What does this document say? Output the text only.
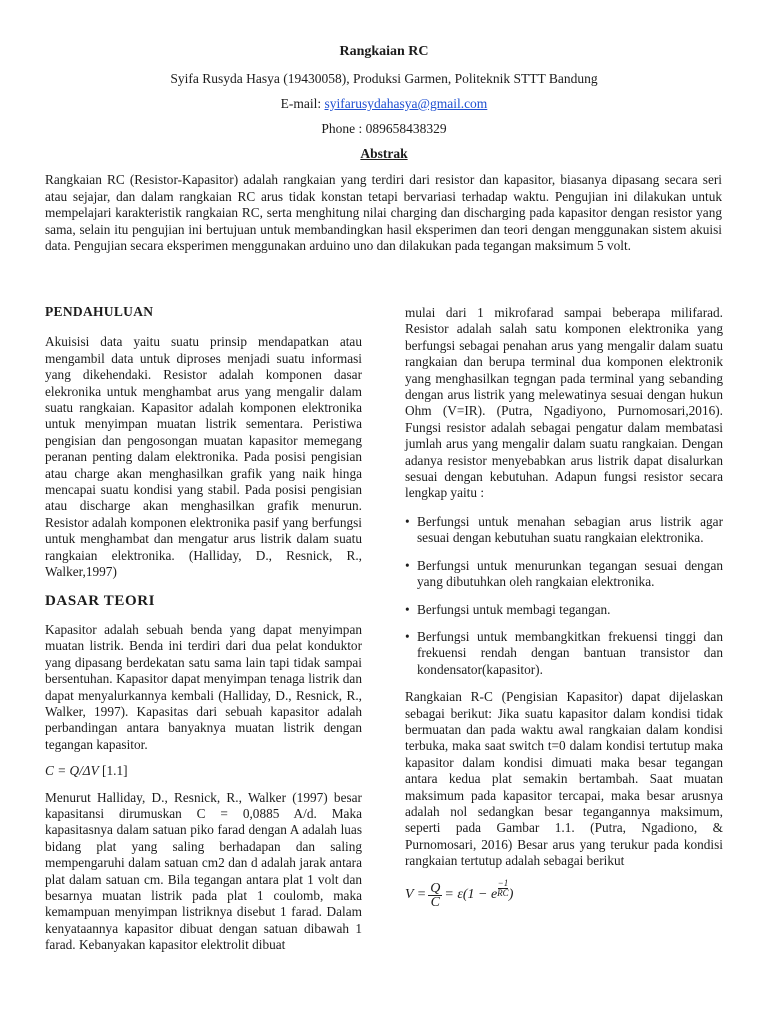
Rangkaian RC
Syifa Rusyda Hasya (19430058), Produksi Garmen, Politeknik STTT Bandung
E-mail: syifarusydahasya@gmail.com
Phone : 089658438329
Abstrak

Rangkaian RC (Resistor-Kapasitor) adalah rangkaian yang terdiri dari resistor dan kapasitor, biasanya dipasang secara seri atau sejajar, dan dalam rangkaian RC arus tidak konstan tetapi bervariasi terhadap waktu. Pengujian ini dilakukan untuk mempelajari karakteristik rangkaian RC, serta menghitung nilai charging dan discharging pada kapasitor dengan resistor yang sama, selain itu pengujian ini bertujuan untuk membandingkan hasil eksperimen dan teori dengan menggunakan sistem akuisi data. Pengujian secara eksperimen menggunakan arduino uno dan dilakukan pada tegangan maksimum 5 volt.

PENDAHULUAN

Akuisisi data yaitu suatu prinsip mendapatkan atau mengambil data untuk diproses menjadi suatu informasi yang dikehendaki. Resistor adalah komponen dasar elekronika untuk menghambat arus yang mengalir dalam suatu rangkaian. Kapasitor adalah komponen elektronika untuk menyimpan muatan listrik sementara. Peristiwa pengisian dan pengosongan muatan kapasitor memegang peranan penting dalam elektronika. Pada posisi pengisian atau charge akan menghasilkan grafik yang naik hinga mencapai suatu kondisi yang stabil. Pada posisi pengisian atau discharge akan menghasilkan grafik menurun. Resistor adalah komponen elektronika pasif yang berfungsi untuk menghambat dan mengatur arus listrik dalam suatu rangkaian elektronika. (Halliday, D., Resnick, R., Walker,1997)

DASAR TEORI

Kapasitor adalah sebuah benda yang dapat menyimpan muatan listrik. Benda ini terdiri dari dua pelat konduktor yang dipasang berdekatan satu sama lain tapi tidak sampai bersentuhan. Kapasitor dapat menyimpan tenaga listrik dan dapat menyalurkannya kembali (Halliday, D., Resnick, R., Walker, 1997). Kapasitas dari sebuah kapasitor adalah perbandingan antara banyaknya muatan listrik dengan tegangan kapasitor.

C = Q/ΔV [1.1]

Menurut Halliday, D., Resnick, R., Walker (1997) besar kapasitansi dirumuskan C = 0,0885 A/d. Maka kapasitasnya dalam satuan piko farad dengan A adalah luas bidang plat yang saling berhadapan dan saling mempengaruhi dalam satuan cm2 dan d adalah jarak antara plat dalam satuan cm. Bila tegangan antara plat 1 volt dan besarnya muatan listrik pada plat 1 coulomb, maka kemampuan menyimpan listriknya disebut 1 farad. Dalam kenyataannya kapasitor dibuat dengan satuan dibawah 1 farad. Kebanyakan kapasitor elektrolit dibuat

mulai dari 1 mikrofarad sampai beberapa milifarad. Resistor adalah salah satu komponen elektronika yang berfungsi sebagai penahan arus yang mengalir dalam suatu rangkaian dan berupa terminal dua komponen elektronik yang menghasilkan tegngan pada terminal yang sebanding dengan arus listrik yang melewatinya sesuai dengan hukun Ohm (V=IR). (Putra, Ngadiyono, Purnomosari,2016). Fungsi resistor adalah sebagai pengatur dalam membatasi jumlah arus yang mengalir dalam suatu rangkaian. Dengan adanya resistor menyebabkan arus listrik dapat disalurkan sesuai dengan kebutuhan. Adapun fungsi resistor secara lengkap yaitu :

• Berfungsi untuk menahan sebagian arus listrik agar sesuai dengan kebutuhan suatu rangkaian elektronika.
• Berfungsi untuk menurunkan tegangan sesuai dengan yang dibutuhkan oleh rangkaian elektronika.
• Berfungsi untuk membagi tegangan.
• Berfungsi untuk membangkitkan frekuensi tinggi dan frekuensi rendah dengan bantuan transistor dan kondensator(kapasitor).

Rangkaian R-C (Pengisian Kapasitor) dapat dijelaskan sebagai berikut: Jika suatu kapasitor dalam kondisi tidak bermuatan dan pada waktu awal rangkaian dalam kondisi terbuka, maka saat switch t=0 dalam kondisi tertutup maka kapasitor dalam kondisi dimuati maka besar tegangan antara kedua plat semakin bertambah. Saat muatan maksimum pada kapasitor tercapai, maka besar arusnya adalah nol sedangkan besar tegangannya maksimum, seperti pada Gambar 1.1. (Putra, Ngadiono, & Purnomosari, 2016) Besar arus yang terukur pada kondisi rangkaian tertutup adalah sebagai berikut

$V = \frac{Q}{C} = \varepsilon(1 - e \frac{-1}{RC}$ )
